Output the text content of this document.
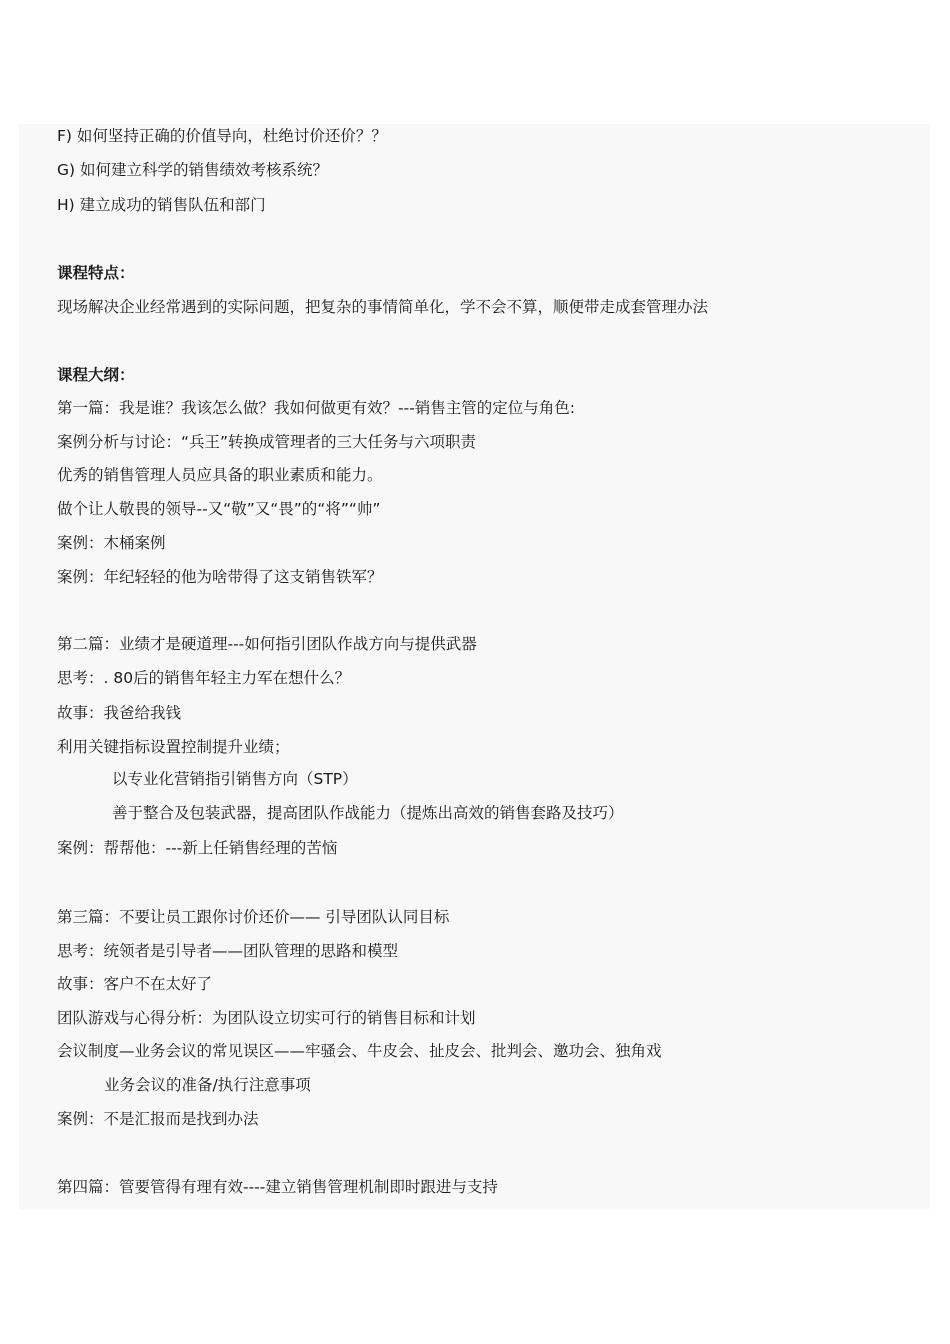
F) 如何坚持正确的价值导向，杜绝讨价还价？？
G) 如何建立科学的销售绩效考核系统？
H) 建立成功的销售队伍和部门
课程特点：
现场解决企业经常遇到的实际问题，把复杂的事情简单化，学不会不算，顺便带走成套管理办法
课程大纲：
第一篇：我是谁？我该怎么做？我如何做更有效？---销售主管的定位与角色:
案例分析与讨论：“兵王”转换成管理者的三大任务与六项职责
优秀的销售管理人员应具备的职业素质和能力。
做个让人敬畏的领导--又“敬”又“畏”的“将”“帅”
案例：木桶案例
案例：年纪轻轻的他为啥带得了这支销售铁军？
第二篇：业绩才是硬道理---如何指引团队作战方向与提供武器
思考：. 80后的销售年轻主力军在想什么？
故事：我爸给我钱
利用关键指标设置控制提升业绩；
以专业化营销指引销售方向（STP）
善于整合及包装武器，提高团队作战能力（提炼出高效的销售套路及技巧）
案例：帮帮他：---新上任销售经理的苦恼
第三篇：不要让员工跟你讨价还价—— 引导团队认同目标
思考：统领者是引导者——团队管理的思路和模型
故事：客户不在太好了
团队游戏与心得分析：为团队设立切实可行的销售目标和计划
会议制度—业务会议的常见误区——牢骚会、牛皮会、扯皮会、批判会、邀功会、独角戏
业务会议的准备/执行注意事项
案例：不是汇报而是找到办法
第四篇：管要管得有理有效----建立销售管理机制即时跟进与支持
